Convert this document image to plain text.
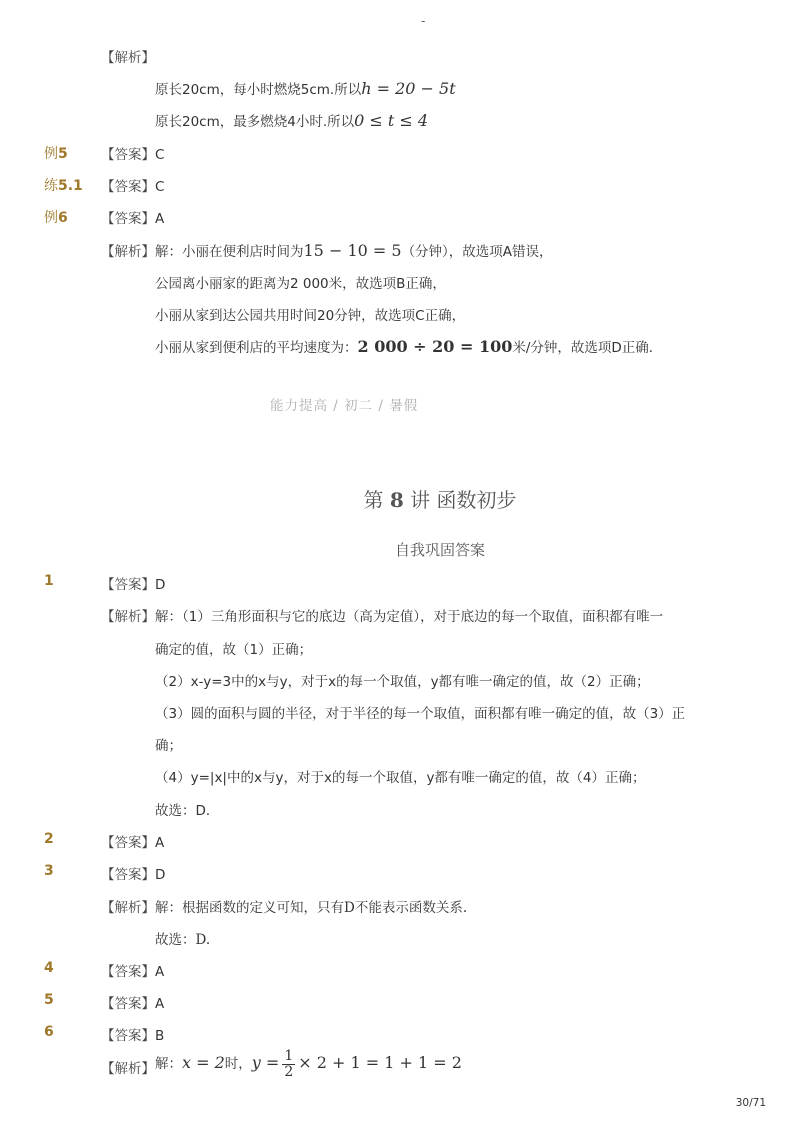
-
【解析】
原长20cm，每小时燃烧5cm.所以h = 20 − 5t
原长20cm，最多燃烧4小时.所以0 ≤ t ≤ 4
例5 【答案】C
练5.1 【答案】C
例6 【答案】A
【解析】 解：小丽在便利店时间为15 − 10 = 5（分钟），故选项A错误，
公园离小丽家的距离为2 000米，故选项B正确，
小丽从家到达公园共用时间20分钟，故选项C正确，
小丽从家到便利店的平均速度为：2 000 ÷ 20 = 100米/分钟，故选项D正确．
能力提高 / 初二 / 暑假
第 8 讲 函数初步
自我巩固答案
1	【答案】D
【解析】 解：（1）三角形面积与它的底边（高为定值），对于底边的每一个取值，面积都有唯一
确定的值，故（1）正确；
（2）x-y=3中的x与y，对于x的每一个取值，y都有唯一确定的值，故（2）正确；
（3）圆的面积与圆的半径，对于半径的每一个取值，面积都有唯一确定的值，故（3）正
确；
（4）y=|x|中的x与y，对于x的每一个取值，y都有唯一确定的值，故（4）正确；
故选：D．
2	【答案】A
3	【答案】D
【解析】 解：根据函数的定义可知，只有D不能表示函数关系.
故选：D.
4	【答案】A
5	【答案】A
6	【答案】B
【解析】 解：x = 2时，$y = \frac{1}{2} \times 2 + 1 = 1 + 1 = 2$
30/71
